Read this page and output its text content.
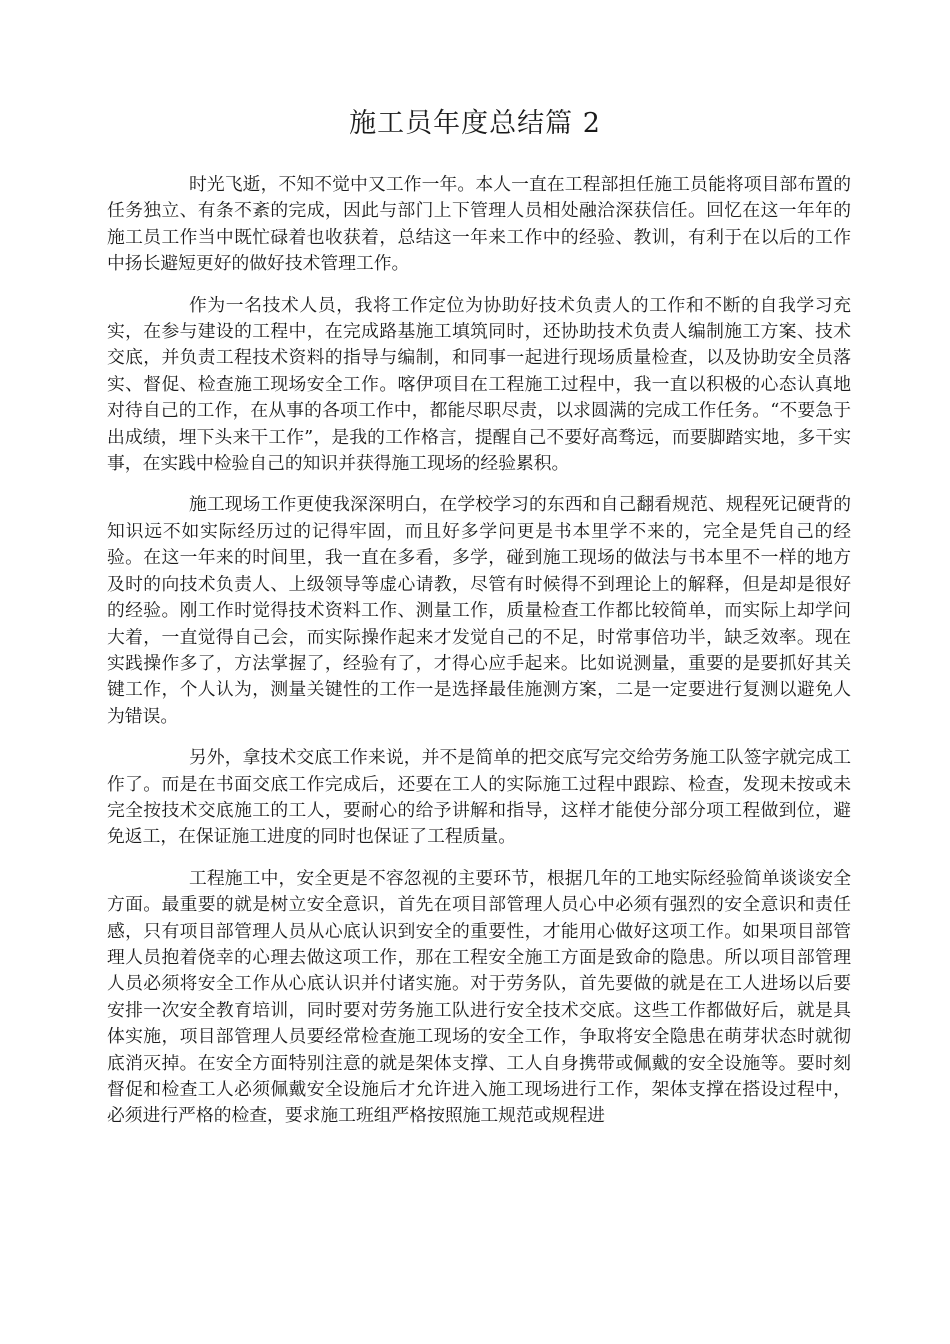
施工员年度总结篇 2

时光飞逝，不知不觉中又工作一年。本人一直在工程部担任施工员能将项目部布置的任务独立、有条不紊的完成，因此与部门上下管理人员相处融洽深获信任。回忆在这一年年的施工员工作当中既忙碌着也收获着，总结这一年来工作中的经验、教训，有利于在以后的工作中扬长避短更好的做好技术管理工作。

作为一名技术人员，我将工作定位为协助好技术负责人的工作和不断的自我学习充实，在参与建设的工程中，在完成路基施工填筑同时，还协助技术负责人编制施工方案、技术交底，并负责工程技术资料的指导与编制，和同事一起进行现场质量检查，以及协助安全员落实、督促、检查施工现场安全工作。喀伊项目在工程施工过程中，我一直以积极的心态认真地对待自己的工作，在从事的各项工作中，都能尽职尽责，以求圆满的完成工作任务。“不要急于出成绩，埋下头来干工作”，是我的工作格言，提醒自己不要好高骛远，而要脚踏实地，多干实事，在实践中检验自己的知识并获得施工现场的经验累积。

施工现场工作更使我深深明白，在学校学习的东西和自己翻看规范、规程死记硬背的知识远不如实际经历过的记得牢固，而且好多学问更是书本里学不来的，完全是凭自己的经验。在这一年来的时间里，我一直在多看，多学，碰到施工现场的做法与书本里不一样的地方及时的向技术负责人、上级领导等虚心请教，尽管有时候得不到理论上的解释，但是却是很好的经验。刚工作时觉得技术资料工作、测量工作，质量检查工作都比较简单，而实际上却学问大着，一直觉得自己会，而实际操作起来才发觉自己的不足，时常事倍功半，缺乏效率。现在实践操作多了，方法掌握了，经验有了，才得心应手起来。比如说测量，重要的是要抓好其关键工作，个人认为，测量关键性的工作一是选择最佳施测方案，二是一定要进行复测以避免人为错误。

另外，拿技术交底工作来说，并不是简单的把交底写完交给劳务施工队签字就完成工作了。而是在书面交底工作完成后，还要在工人的实际施工过程中跟踪、检查，发现未按或未完全按技术交底施工的工人，要耐心的给予讲解和指导，这样才能使分部分项工程做到位，避免返工，在保证施工进度的同时也保证了工程质量。

工程施工中，安全更是不容忽视的主要环节，根据几年的工地实际经验简单谈谈安全方面。最重要的就是树立安全意识，首先在项目部管理人员心中必须有强烈的安全意识和责任感，只有项目部管理人员从心底认识到安全的重要性，才能用心做好这项工作。如果项目部管理人员抱着侥幸的心理去做这项工作，那在工程安全施工方面是致命的隐患。所以项目部管理人员必须将安全工作从心底认识并付诸实施。对于劳务队，首先要做的就是在工人进场以后要安排一次安全教育培训，同时要对劳务施工队进行安全技术交底。这些工作都做好后，就是具体实施，项目部管理人员要经常检查施工现场的安全工作，争取将安全隐患在萌芽状态时就彻底消灭掉。在安全方面特别注意的就是架体支撑、工人自身携带或佩戴的安全设施等。要时刻督促和检查工人必须佩戴安全设施后才允许进入施工现场进行工作，架体支撑在搭设过程中，必须进行严格的检查，要求施工班组严格按照施工规范或规程进
